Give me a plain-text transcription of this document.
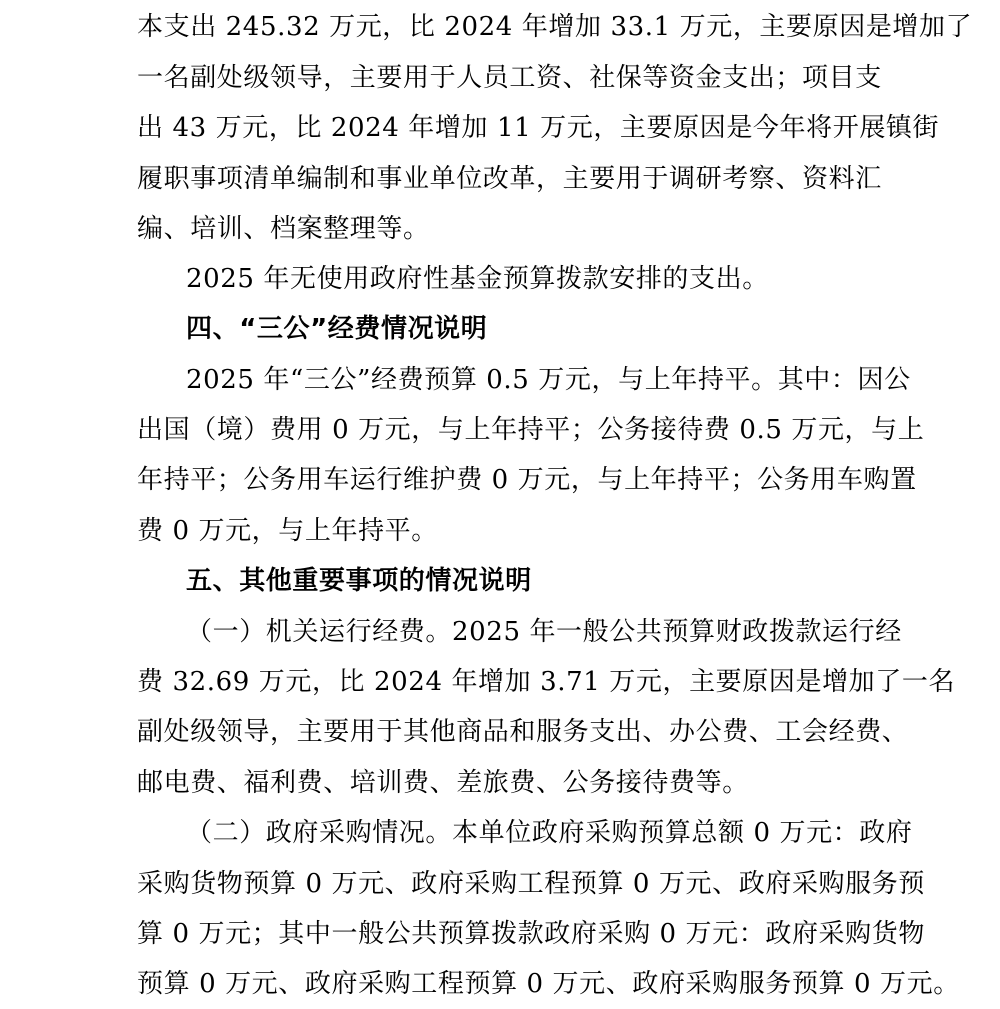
本支出 245.32 万元，比 2024 年增加 33.1 万元，主要原因是增加了
一名副处级领导，主要用于人员工资、社保等资金支出；项目支
出 43 万元，比 2024 年增加 11 万元，主要原因是今年将开展镇街
履职事项清单编制和事业单位改革，主要用于调研考察、资料汇
编、培训、档案整理等。
2025 年无使用政府性基金预算拨款安排的支出。
四、“三公”经费情况说明
2025 年“三公”经费预算 0.5 万元，与上年持平。其中：因公
出国（境）费用 0 万元，与上年持平；公务接待费 0.5 万元，与上
年持平；公务用车运行维护费 0 万元，与上年持平；公务用车购置
费 0 万元，与上年持平。
五、其他重要事项的情况说明
（一）机关运行经费。2025 年一般公共预算财政拨款运行经
费 32.69 万元，比 2024 年增加 3.71 万元，主要原因是增加了一名
副处级领导，主要用于其他商品和服务支出、办公费、工会经费、
邮电费、福利费、培训费、差旅费、公务接待费等。
（二）政府采购情况。本单位政府采购预算总额 0 万元：政府
采购货物预算 0 万元、政府采购工程预算 0 万元、政府采购服务预
算 0 万元；其中一般公共预算拨款政府采购 0 万元：政府采购货物
预算 0 万元、政府采购工程预算 0 万元、政府采购服务预算 0 万元。
